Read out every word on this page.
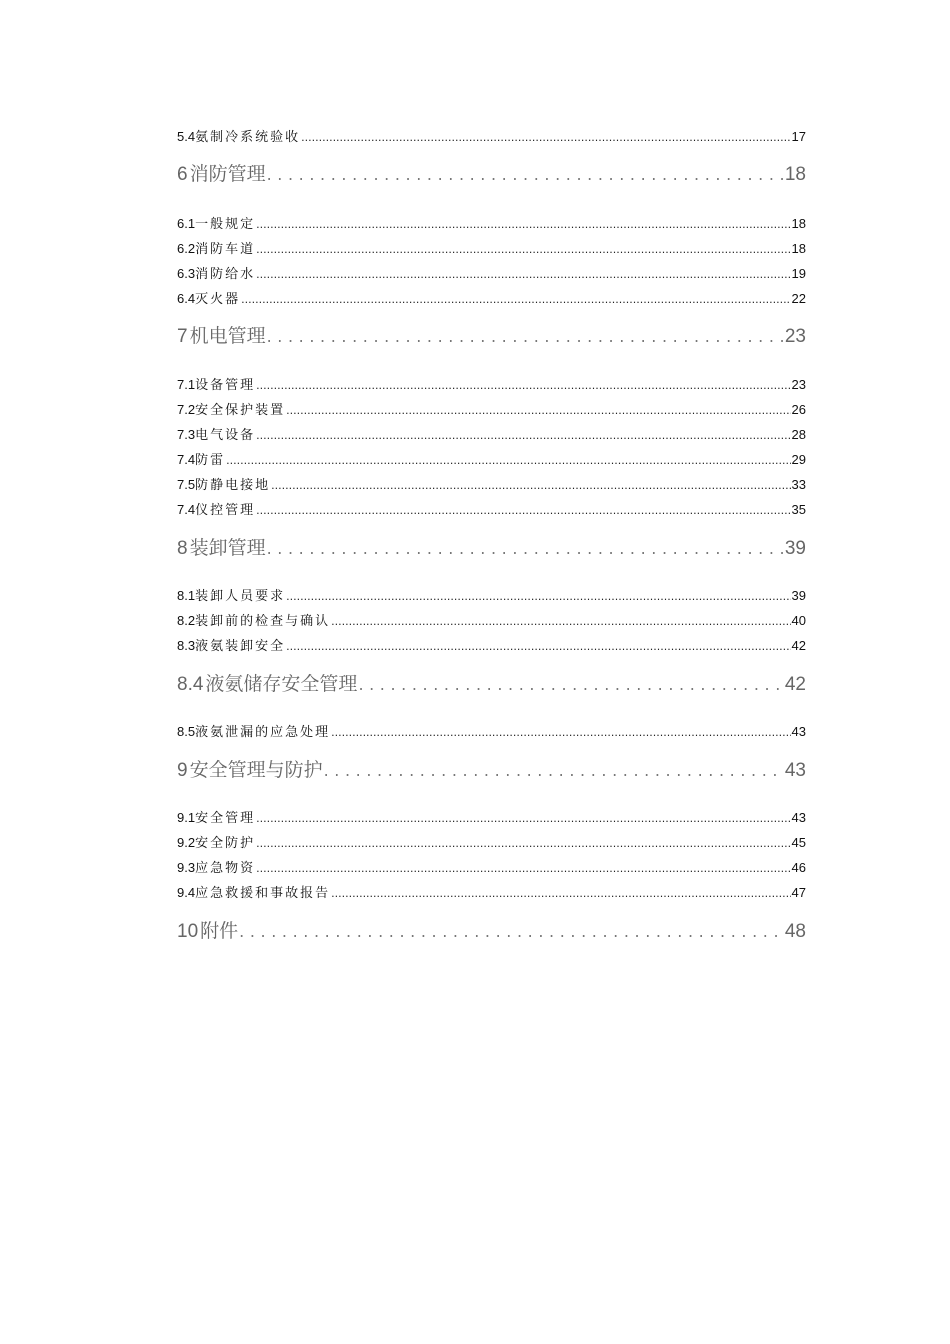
5.4氨制冷系统验收 .....	17
6 消防管理 .....	18
6.1一般规定 .....	18
6.2消防车道 .....	18
6.3消防给水 .....	19
6.4灭火器 .....	22
7 机电管理 .....	23
7.1设备管理 .....	23
7.2安全保护装置 .....	26
7.3电气设备 .....	28
7.4防雷 .....	29
7.5防静电接地 .....	33
7.4仪控管理 .....	35
8 装卸管理 .....	39
8.1装卸人员要求 .....	39
8.2装卸前的检查与确认 .....	40
8.3液氨装卸安全 .....	42
8.4 液氨储存安全管理 .....	42
8.5液氨泄漏的应急处理 .....	43
9 安全管理与防护 .....	43
9.1安全管理 .....	43
9.2安全防护 .....	45
9.3应急物资 .....	46
9.4应急救援和事故报告 .....	47
10 附件 .....	48
